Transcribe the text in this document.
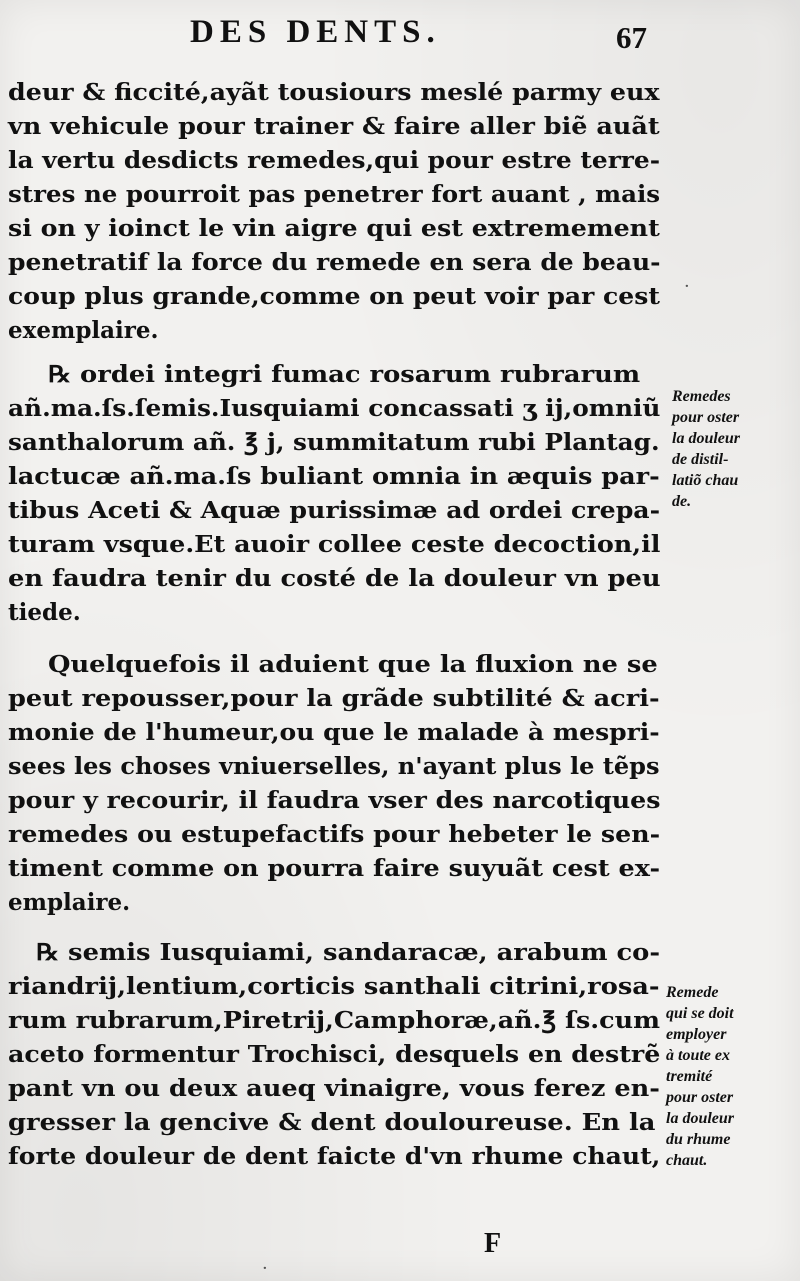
DES DENTS.	67
deur & ficcité,ayãt tousiours meslé parmy eux
vn vehicule pour trainer & faire aller biẽ auãt
la vertu desdicts remedes,qui pour estre terre-
stres ne pourroit pas penetrer fort auant , mais
si on y ioinct le vin aigre qui est extremement
penetratif la force du remede en sera de beau-
coup plus grande,comme on peut voir par cest
exemplaire.
℞ ordei integri fumac rosarum rubrarum
añ.ma.ſs.ſemis.Iusquiami concassati ʒ ij,omniũ
santhalorum añ. ℥ j, summitatum rubi Plantag.
lactucæ añ.ma.ſs buliant omnia in æquis par-
tibus Aceti & Aquæ purissimæ ad ordei crepa-
turam vsque.Et auoir collee ceste decoction,il
en faudra tenir du costé de la douleur vn peu
tiede.
Quelquefois il aduient que la fluxion ne se
peut repousser,pour la grãde subtilité & acri-
monie de l'humeur,ou que le malade à mespri-
sees les choses vniuerselles, n'ayant plus le tẽps
pour y recourir, il faudra vser des narcotiques
remedes ou estupefactifs pour hebeter le sen-
timent comme on pourra faire suyuãt cest ex-
emplaire.
℞ semis Iusquiami, sandaracæ, arabum co-
riandrij,lentium,corticis santhali citrini,rosa-
rum rubrarum,Piretrij,Camphoræ,añ.℥ ſs.cum
aceto formentur Trochisci, desquels en destrẽ
pant vn ou deux aueq vinaigre, vous ferez en-
gresser la gencive & dent douloureuse. En la
forte douleur de dent faicte d'vn rhume chaut,
Remedes
pour oster
la douleur
de distil-
latiõ chau
de.
Remede
qui se doit
employer
à toute ex
tremité
pour oster
la douleur
du rhume
chaut.
·
·
F
